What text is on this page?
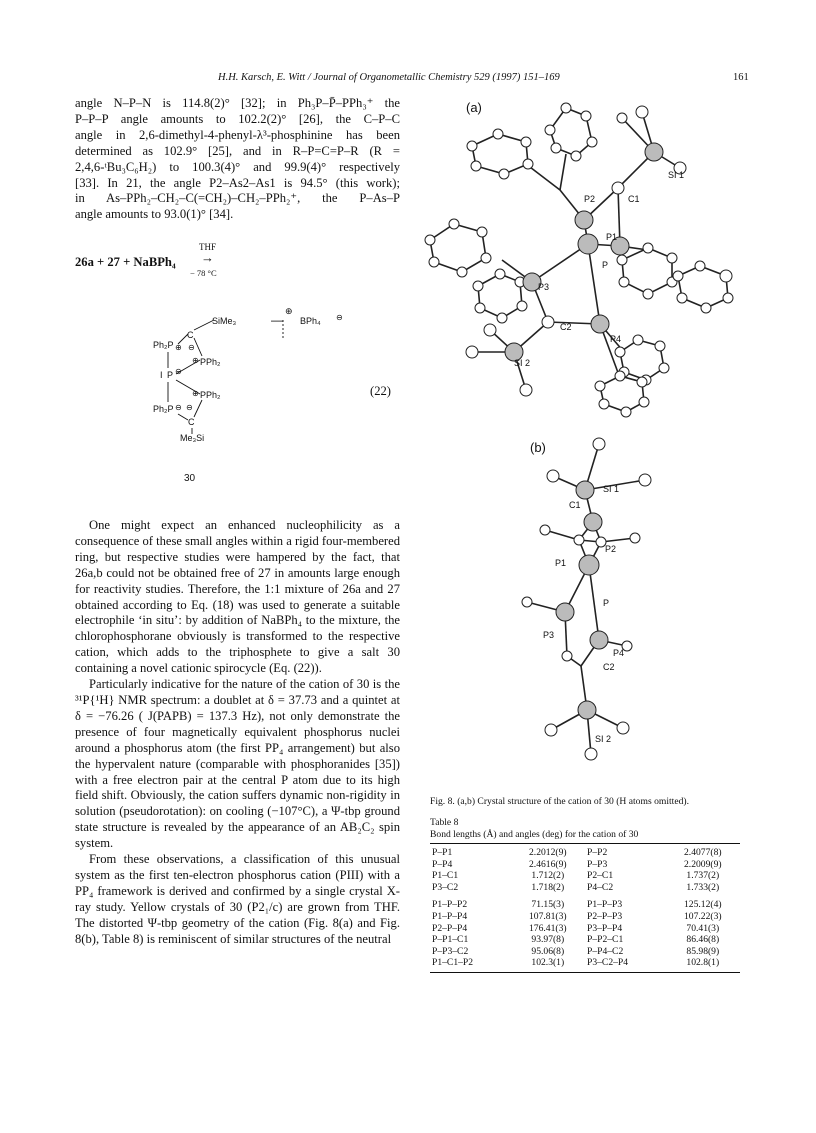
H.H. Karsch, E. Witt / Journal of Organometallic Chemistry 529 (1997) 151–169	161
angle N–P–N is 114.8(2)° [32]; in Ph₃P–P̄–PPh₃⁺ the
P–P–P angle amounts to 102.2(2)° [26], the C–P–C
angle in 2,6-dimethyl-4-phenyl-λ³-phosphinine has been
determined as 102.9° [25], and in R–P=C=P–R (R =
2,4,6-ᵗBu₃C₆H₂) to 100.3(4)° and 99.9(4)° respectively
[33]. In 21, the angle P2–As2–As1 is 94.5° (this work);
in As–PPh₂–CH₂–C(=CH₂)–CH₂–PPh₂⁺, the P–As–P
angle amounts to 93.0(1)° [34].
26a + 27 + NaBPh₄
THF
→
− 78 °C
SiMe₃	—
⊕
BPh₄ ⊖
C
Ph₂P ⊕ ⊖
⊕ PPh₂
I P ⊖
⊕ PPh₂
Ph₂P ⊖ ⊖
C
Me₃Si
30
(22)

One might expect an enhanced nucleophilicity as a consequence of these small angles within a rigid four-membered ring, but respective studies were hampered by the fact, that 26a,b could not be obtained free of 27 in amounts large enough for reactivity studies. Therefore, the 1:1 mixture of 26a and 27 obtained according to Eq. (18) was used to generate a suitable electrophile ‘in situ’: by addition of NaBPh₄ to the mixture, the chlorophosphorane obviously is transformed to the respective cation, which adds to the triphosphete to give a salt 30 containing a novel cationic spirocycle (Eq. (22)).

Particularly indicative for the nature of the cation of 30 is the ³¹P{¹H} NMR spectrum: a doublet at δ = 37.73 and a quintet at δ = −76.26 ( J(PAPB) = 137.3 Hz), not only demonstrate the presence of four magnetically equivalent phosphorus nuclei around a phosphorus atom (the first PP₄ arrangement) but also the hypervalent nature (comparable with phosphoranides [35]) with a free electron pair at the central P atom due to its high field shift. Obviously, the cation suffers dynamic non-rigidity in solution (pseudorotation): on cooling (−107°C), a Ψ-tbp ground state structure is revealed by the appearance of an AB₂C₂ spin system.

From these observations, a classification of this unusual system as the first ten-electron phosphorus cation (PIII) with a PP₄ framework is derived and confirmed by a single crystal X-ray study. Yellow crystals of 30 (P2₁/c) are grown from THF. The distorted Ψ-tbp geometry of the cation (Fig. 8(a) and Fig. 8(b), Table 8) is reminiscent of similar structures of the neutral

(a)
P2	C1
SI 1
P1
P
P3
C2
P4
SI 2
(b)
SI 1
C1
P2
P1
P
P3
P4
C2
SI 2
Fig. 8. (a,b) Crystal structure of the cation of 30 (H atoms omitted).
Table 8
Bond lengths (Å) and angles (deg) for the cation of 30
P–P1	2.2012(9)	P–P2	2.4077(8)
P–P4	2.4616(9)	P–P3	2.2009(9)
P1–C1	1.712(2)	P2–C1	1.737(2)
P3–C2	1.718(2)	P4–C2	1.733(2)

P1–P–P2	71.15(3)	P1–P–P3	125.12(4)
P1–P–P4	107.81(3)	P2–P–P3	107.22(3)
P2–P–P4	176.41(3)	P3–P–P4	70.41(3)
P–P1–C1	93.97(8)	P–P2–C1	86.46(8)
P–P3–C2	95.06(8)	P–P4–C2	85.98(9)
P1–C1–P2	102.3(1)	P3–C2–P4	102.8(1)
